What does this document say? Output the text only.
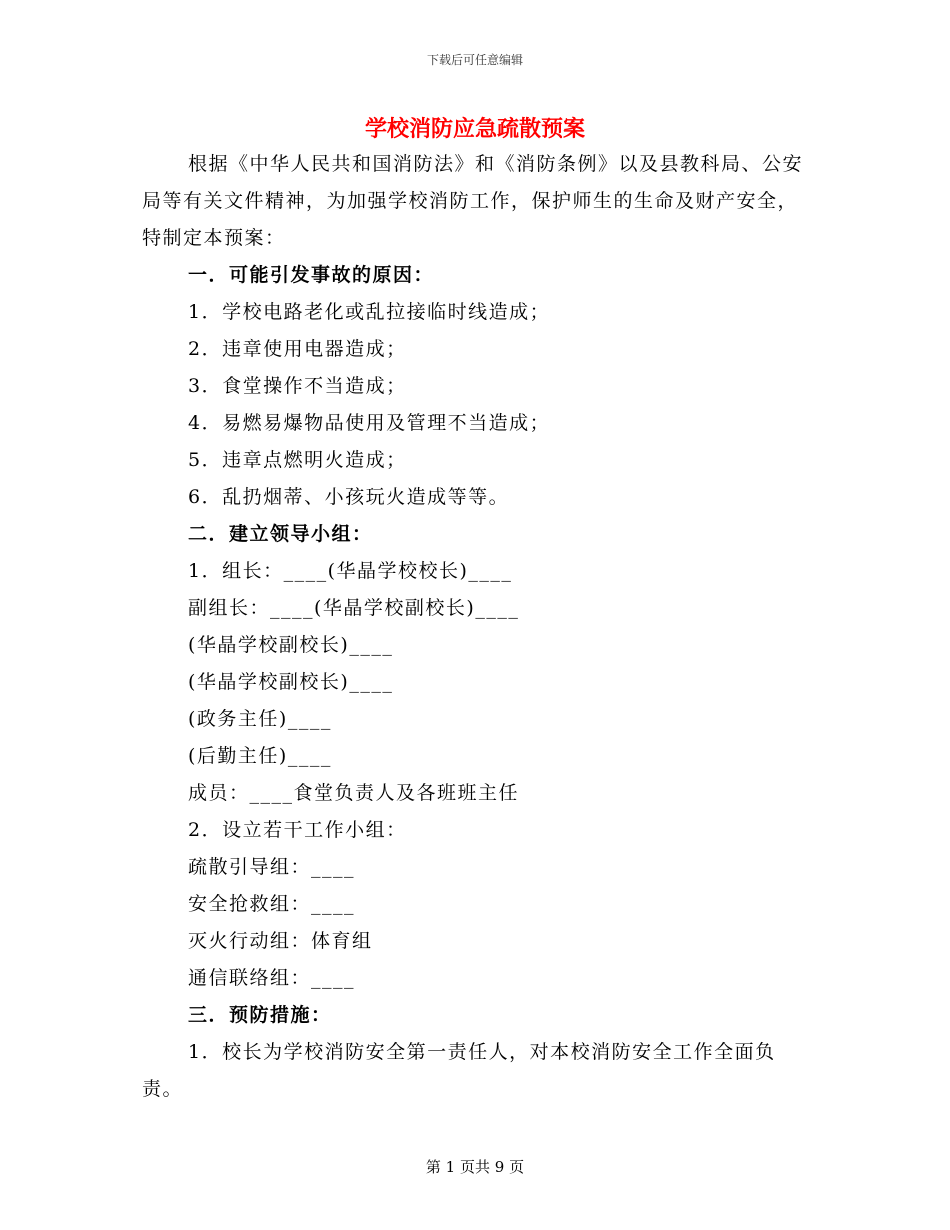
下载后可任意编辑
学校消防应急疏散预案

根据《中华人民共和国消防法》和《消防条例》以及县教科局、公安局等有关文件精神，为加强学校消防工作，保护师生的生命及财产安全，特制定本预案：

一．可能引发事故的原因：

1．学校电路老化或乱拉接临时线造成；

2．违章使用电器造成；

3．食堂操作不当造成；

4．易燃易爆物品使用及管理不当造成；

5．违章点燃明火造成；

6．乱扔烟蒂、小孩玩火造成等等。

二．建立领导小组：

1．组长：____(华晶学校校长)____

副组长：____(华晶学校副校长)____

(华晶学校副校长)____

(华晶学校副校长)____

(政务主任)____

(后勤主任)____

成员：____食堂负责人及各班班主任

2．设立若干工作小组：

疏散引导组：____

安全抢救组：____

灭火行动组：体育组

通信联络组：____

三．预防措施：

1．校长为学校消防安全第一责任人，对本校消防安全工作全面负责。

第 1 页共 9 页
